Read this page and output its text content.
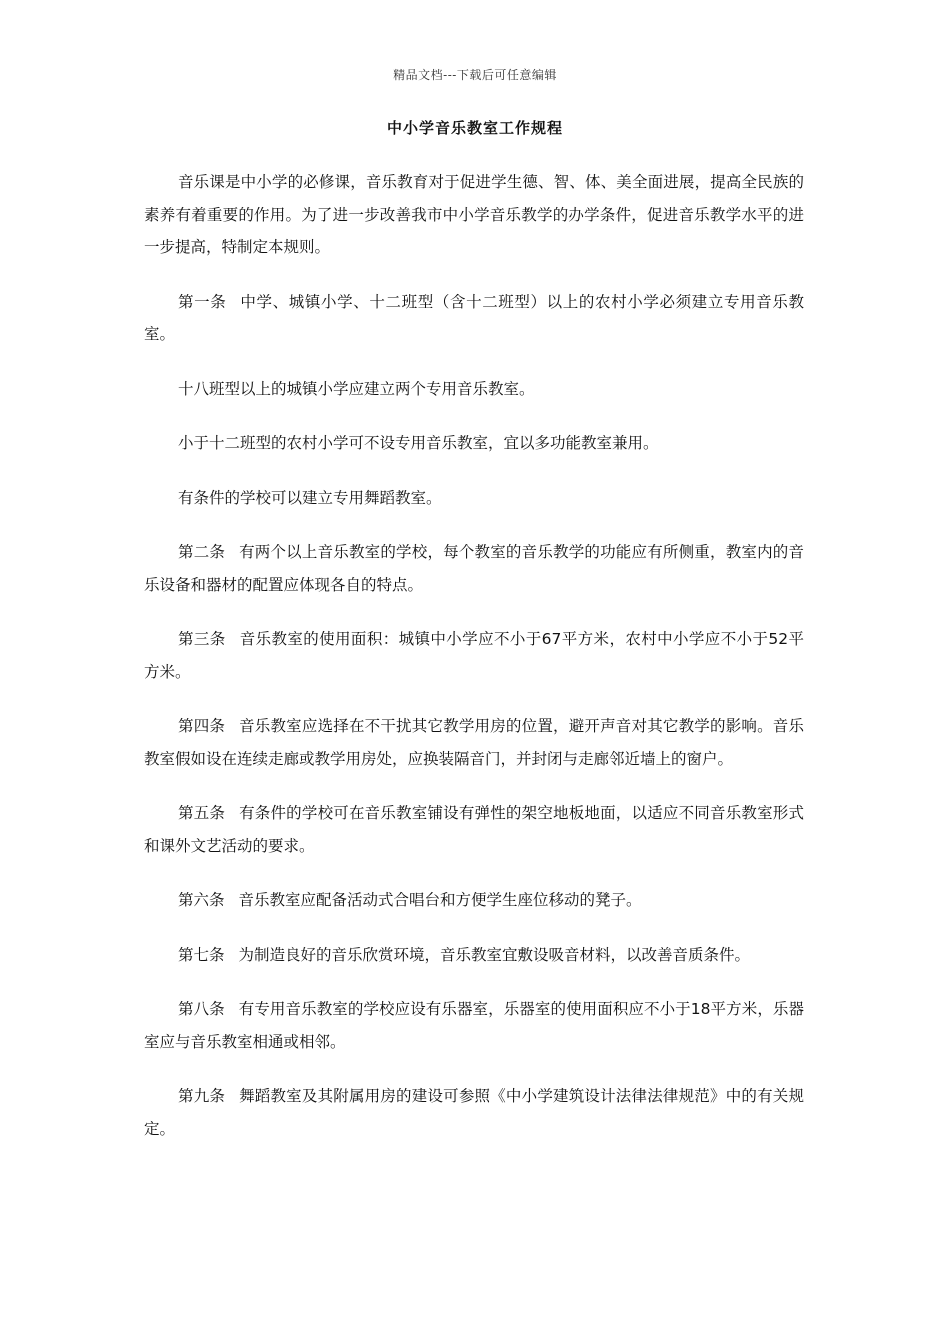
精品文档---下载后可任意编辑
中小学音乐教室工作规程

音乐课是中小学的必修课，音乐教育对于促进学生德、智、体、美全面进展，提高全民族的素养有着重要的作用。为了进一步改善我市中小学音乐教学的办学条件，促进音乐教学水平的进一步提高，特制定本规则。

第一条 中学、城镇小学、十二班型（含十二班型）以上的农村小学必须建立专用音乐教室。

十八班型以上的城镇小学应建立两个专用音乐教室。

小于十二班型的农村小学可不设专用音乐教室，宜以多功能教室兼用。

有条件的学校可以建立专用舞蹈教室。

第二条 有两个以上音乐教室的学校，每个教室的音乐教学的功能应有所侧重，教室内的音乐设备和器材的配置应体现各自的特点。

第三条 音乐教室的使用面积：城镇中小学应不小于67平方米，农村中小学应不小于52平方米。

第四条 音乐教室应选择在不干扰其它教学用房的位置，避开声音对其它教学的影响。音乐教室假如设在连续走廊或教学用房处，应换装隔音门，并封闭与走廊邻近墙上的窗户。

第五条 有条件的学校可在音乐教室铺设有弹性的架空地板地面，以适应不同音乐教室形式和课外文艺活动的要求。

第六条 音乐教室应配备活动式合唱台和方便学生座位移动的凳子。

第七条 为制造良好的音乐欣赏环境，音乐教室宜敷设吸音材料，以改善音质条件。

第八条 有专用音乐教室的学校应设有乐器室，乐器室的使用面积应不小于18平方米，乐器室应与音乐教室相通或相邻。

第九条 舞蹈教室及其附属用房的建设可参照《中小学建筑设计法律法律规范》中的有关规定。
